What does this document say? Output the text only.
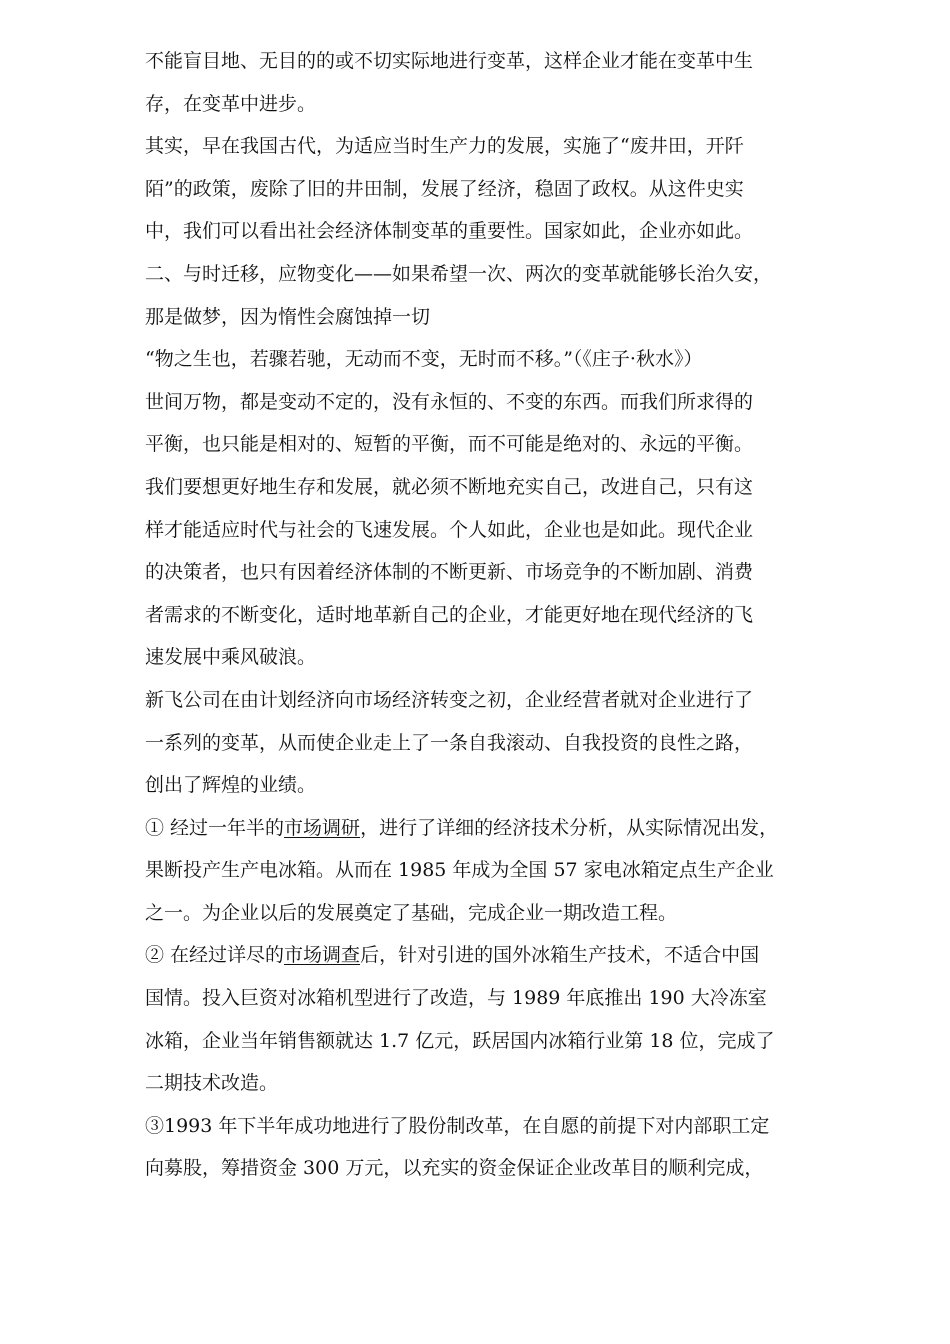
不能盲目地、无目的的或不切实际地进行变革，这样企业才能在变革中生
存，在变革中进步。
其实，早在我国古代，为适应当时生产力的发展，实施了“废井田，开阡
陌”的政策，废除了旧的井田制，发展了经济，稳固了政权。从这件史实
中，我们可以看出社会经济体制变革的重要性。国家如此，企业亦如此。
二、与时迁移，应物变化——如果希望一次、两次的变革就能够长治久安，
那是做梦，因为惰性会腐蚀掉一切
“物之生也，若骤若驰，无动而不变，无时而不移。”（《庄子·秋水》）
世间万物，都是变动不定的，没有永恒的、不变的东西。而我们所求得的
平衡，也只能是相对的、短暂的平衡，而不可能是绝对的、永远的平衡。
我们要想更好地生存和发展，就必须不断地充实自己，改进自己，只有这
样才能适应时代与社会的飞速发展。个人如此，企业也是如此。现代企业
的决策者，也只有因着经济体制的不断更新、市场竞争的不断加剧、消费
者需求的不断变化，适时地革新自己的企业，才能更好地在现代经济的飞
速发展中乘风破浪。
新飞公司在由计划经济向市场经济转变之初，企业经营者就对企业进行了
一系列的变革，从而使企业走上了一条自我滚动、自我投资的良性之路，
创出了辉煌的业绩。
① 经过一年半的市场调研，进行了详细的经济技术分析，从实际情况出发，
果断投产生产电冰箱。从而在 1985 年成为全国 57 家电冰箱定点生产企业
之一。为企业以后的发展奠定了基础，完成企业一期改造工程。
② 在经过详尽的市场调查后，针对引进的国外冰箱生产技术，不适合中国
国情。投入巨资对冰箱机型进行了改造，与 1989 年底推出 190 大冷冻室
冰箱，企业当年销售额就达 1.7 亿元，跃居国内冰箱行业第 18 位，完成了
二期技术改造。
③1993 年下半年成功地进行了股份制改革，在自愿的前提下对内部职工定
向募股，筹措资金 300 万元，以充实的资金保证企业改革目的顺利完成，
